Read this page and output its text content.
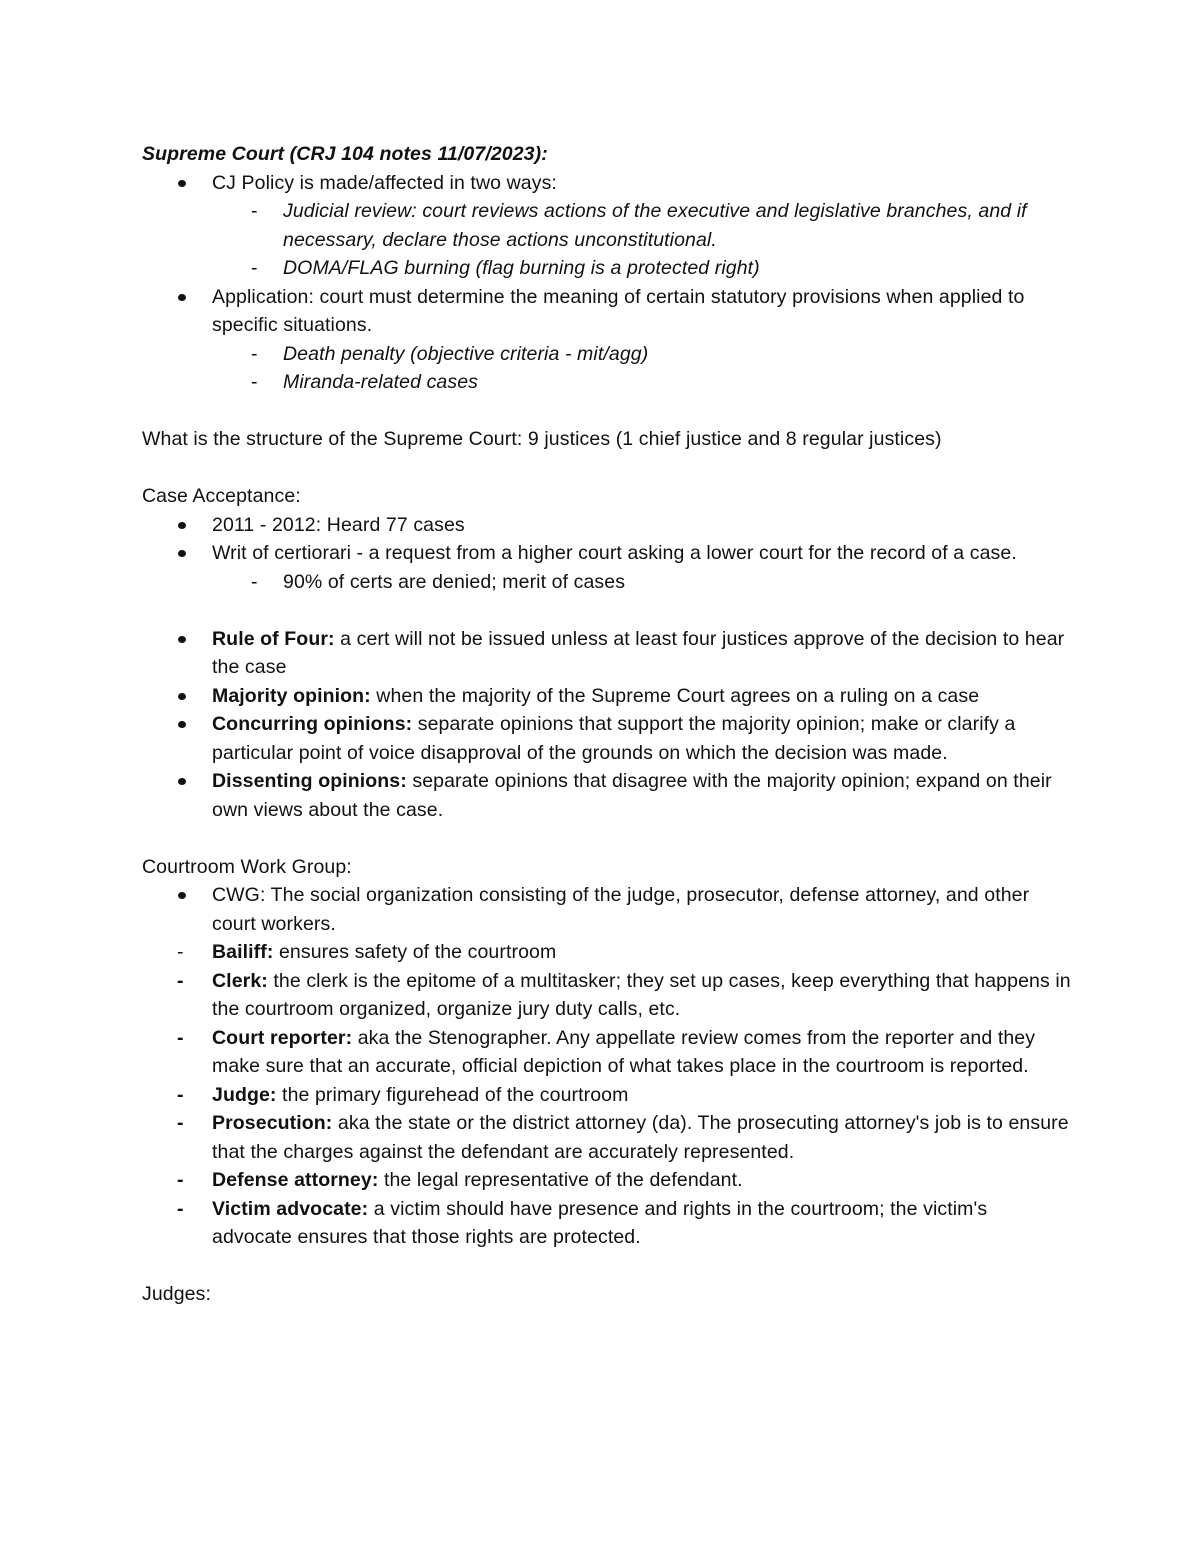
Supreme Court (CRJ 104 notes 11/07/2023):
CJ Policy is made/affected in two ways:
- Judicial review: court reviews actions of the executive and legislative branches, and if necessary, declare those actions unconstitutional.
- DOMA/FLAG burning (flag burning is a protected right)
Application: court must determine the meaning of certain statutory provisions when applied to specific situations.
- Death penalty (objective criteria - mit/agg)
- Miranda-related cases
What is the structure of the Supreme Court: 9 justices (1 chief justice and 8 regular justices)
Case Acceptance:
2011 - 2012: Heard 77 cases
Writ of certiorari - a request from a higher court asking a lower court for the record of a case.
- 90% of certs are denied; merit of cases
Rule of Four: a cert will not be issued unless at least four justices approve of the decision to hear the case
Majority opinion: when the majority of the Supreme Court agrees on a ruling on a case
Concurring opinions: separate opinions that support the majority opinion; make or clarify a particular point of voice disapproval of the grounds on which the decision was made.
Dissenting opinions: separate opinions that disagree with the majority opinion; expand on their own views about the case.
Courtroom Work Group:
CWG: The social organization consisting of the judge, prosecutor, defense attorney, and other court workers.
- Bailiff: ensures safety of the courtroom
- Clerk: the clerk is the epitome of a multitasker; they set up cases, keep everything that happens in the courtroom organized, organize jury duty calls, etc.
- Court reporter: aka the Stenographer. Any appellate review comes from the reporter and they make sure that an accurate, official depiction of what takes place in the courtroom is reported.
- Judge: the primary figurehead of the courtroom
- Prosecution: aka the state or the district attorney (da). The prosecuting attorney's job is to ensure that the charges against the defendant are accurately represented.
- Defense attorney: the legal representative of the defendant.
- Victim advocate: a victim should have presence and rights in the courtroom; the victim's advocate ensures that those rights are protected.
Judges:
